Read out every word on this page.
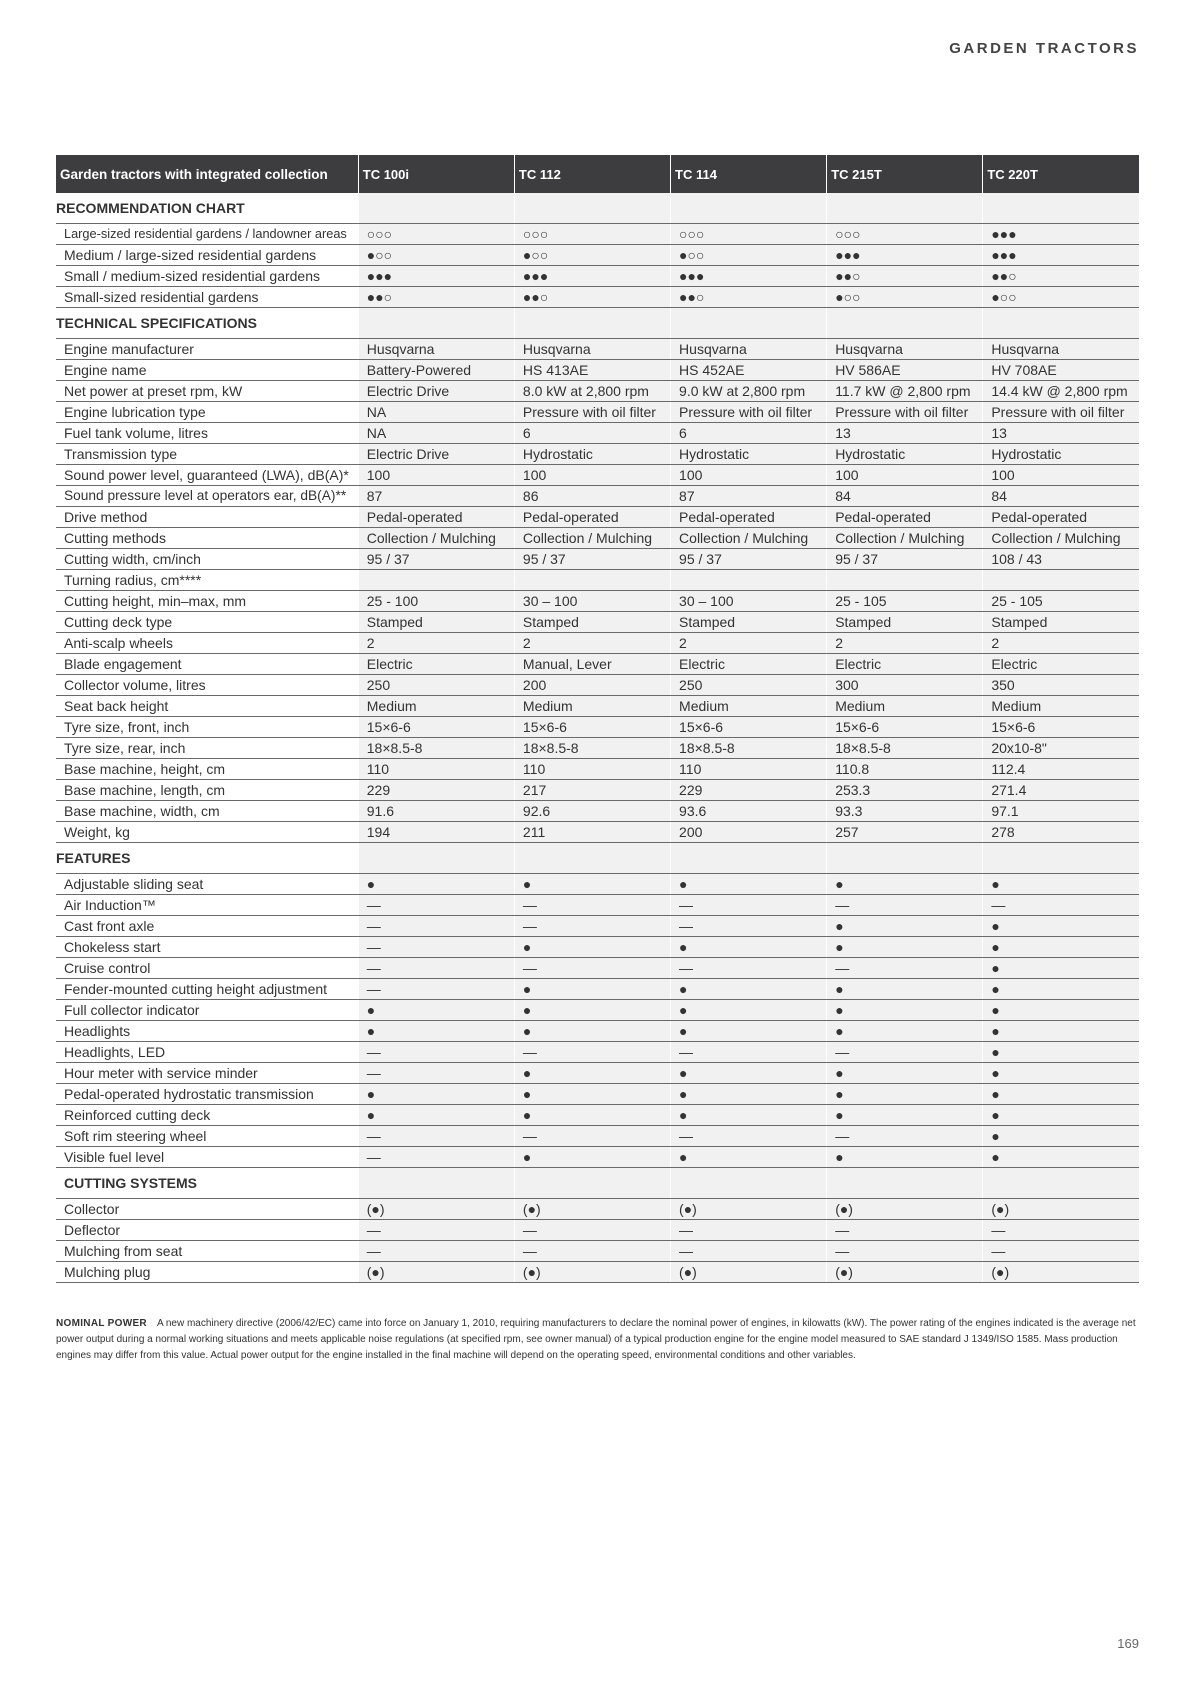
GARDEN TRACTORS
Garden tractors with integrated collection	TC 100i	TC 112	TC 114	TC 215T	TC 220T
RECOMMENDATION CHART					
Large-sized residential gardens / landowner areas	○○○	○○○	○○○	○○○	●●●
Medium / large-sized residential gardens	●○○	●○○	●○○	●●●	●●●
Small / medium-sized residential gardens	●●●	●●●	●●●	●●○	●●○
Small-sized residential gardens	●●○	●●○	●●○	●○○	●○○
TECHNICAL SPECIFICATIONS					
Engine manufacturer	Husqvarna	Husqvarna	Husqvarna	Husqvarna	Husqvarna
Engine name	Battery-Powered	HS 413AE	HS 452AE	HV 586AE	HV 708AE
Net power at preset rpm, kW	Electric Drive	8.0 kW at 2,800 rpm	9.0 kW at 2,800 rpm	11.7 kW @ 2,800 rpm	14.4 kW @ 2,800 rpm
Engine lubrication type	NA	Pressure with oil filter	Pressure with oil filter	Pressure with oil filter	Pressure with oil filter
Fuel tank volume, litres	NA	6	6	13	13
Transmission type	Electric Drive	Hydrostatic	Hydrostatic	Hydrostatic	Hydrostatic
Sound power level, guaranteed (LWA), dB(A)*	100	100	100	100	100
Sound pressure level at operators ear, dB(A)**	87	86	87	84	84
Drive method	Pedal-operated	Pedal-operated	Pedal-operated	Pedal-operated	Pedal-operated
Cutting methods	Collection / Mulching	Collection / Mulching	Collection / Mulching	Collection / Mulching	Collection / Mulching
Cutting width, cm/inch	95 / 37	95 / 37	95 / 37	95 / 37	108 / 43
Turning radius, cm****					
Cutting height, min–max, mm	25 - 100	30 – 100	30 – 100	25 - 105	25 - 105
Cutting deck type	Stamped	Stamped	Stamped	Stamped	Stamped
Anti-scalp wheels	2	2	2	2	2
Blade engagement	Electric	Manual, Lever	Electric	Electric	Electric
Collector volume, litres	250	200	250	300	350
Seat back height	Medium	Medium	Medium	Medium	Medium
Tyre size, front, inch	15×6-6	15×6-6	15×6-6	15×6-6	15×6-6
Tyre size, rear, inch	18×8.5-8	18×8.5-8	18×8.5-8	18×8.5-8	20x10-8"
Base machine, height, cm	110	110	110	110.8	112.4
Base machine, length, cm	229	217	229	253.3	271.4
Base machine, width, cm	91.6	92.6	93.6	93.3	97.1
Weight, kg	194	211	200	257	278
FEATURES					
Adjustable sliding seat	●	●	●	●	●
Air Induction™	—	—	—	—	—
Cast front axle	—	—	—	●	●
Chokeless start	—	●	●	●	●
Cruise control	—	—	—	—	●
Fender-mounted cutting height adjustment	—	●	●	●	●
Full collector indicator	●	●	●	●	●
Headlights	●	●	●	●	●
Headlights, LED	—	—	—	—	●
Hour meter with service minder	—	●	●	●	●
Pedal-operated hydrostatic transmission	●	●	●	●	●
Reinforced cutting deck	●	●	●	●	●
Soft rim steering wheel	—	—	—	—	●
Visible fuel level	—	●	●	●	●
CUTTING SYSTEMS					
Collector	(●)	(●)	(●)	(●)	(●)
Deflector	—	—	—	—	—
Mulching from seat	—	—	—	—	—
Mulching plug	(●)	(●)	(●)	(●)	(●)
NOMINAL POWER A new machinery directive (2006/42/EC) came into force on January 1, 2010, requiring manufacturers to declare the nominal power of engines, in kilowatts (kW). The power rating of the engines indicated is the average net power output during a normal working situations and meets applicable noise regulations (at specified rpm, see owner manual) of a typical production engine for the engine model measured to SAE standard J 1349/ISO 1585. Mass production engines may differ from this value. Actual power output for the engine installed in the final machine will depend on the operating speed, environmental conditions and other variables.
169
